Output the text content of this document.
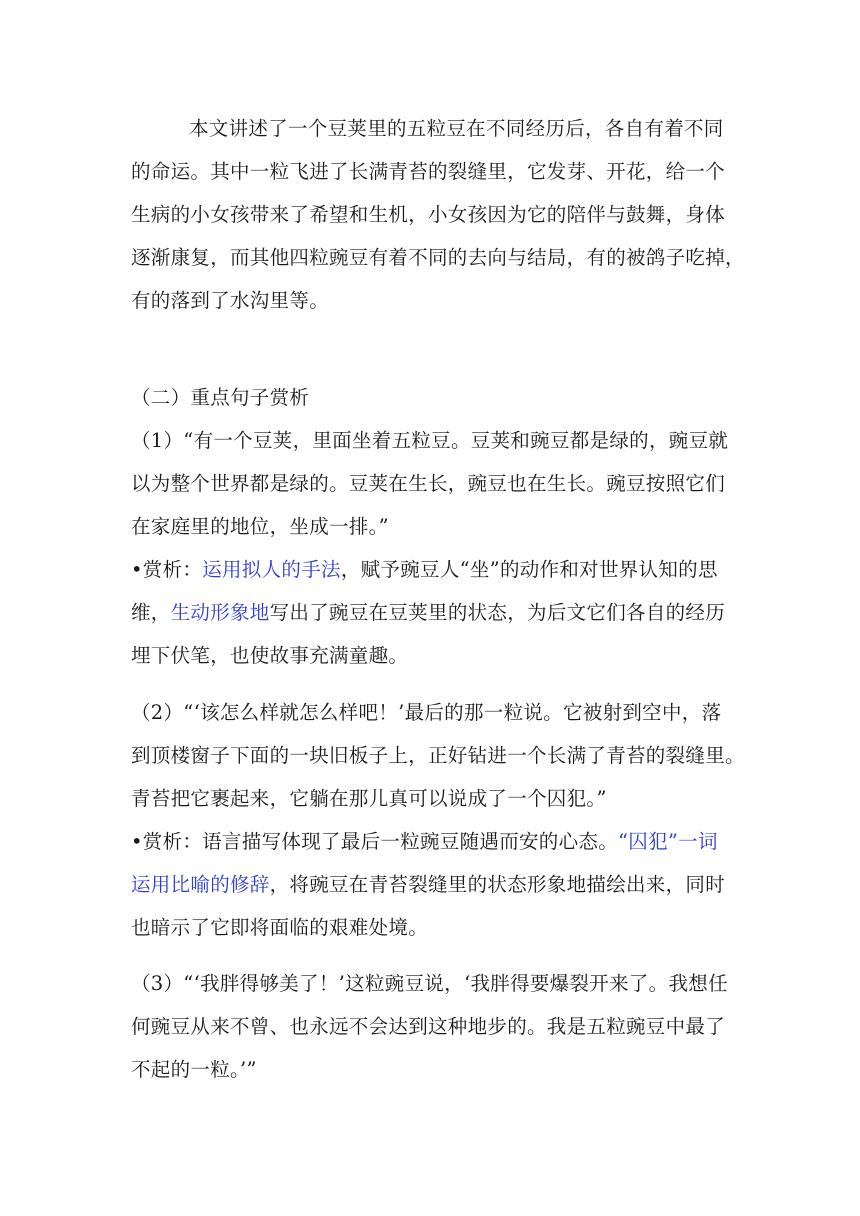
本文讲述了一个豆荚里的五粒豆在不同经历后，各自有着不同
的命运。其中一粒飞进了长满青苔的裂缝里，它发芽、开花，给一个
生病的小女孩带来了希望和生机，小女孩因为它的陪伴与鼓舞，身体
逐渐康复，而其他四粒豌豆有着不同的去向与结局，有的被鸽子吃掉，
有的落到了水沟里等。
（二）重点句子赏析
（1）“有一个豆荚，里面坐着五粒豆。豆荚和豌豆都是绿的，豌豆就
以为整个世界都是绿的。豆荚在生长，豌豆也在生长。豌豆按照它们
在家庭里的地位，坐成一排。”
•赏析：运用拟人的手法，赋予豌豆人“坐”的动作和对世界认知的思
维，生动形象地写出了豌豆在豆荚里的状态，为后文它们各自的经历
埋下伏笔，也使故事充满童趣。
（2）“‘该怎么样就怎么样吧！’最后的那一粒说。它被射到空中，落
到顶楼窗子下面的一块旧板子上，正好钻进一个长满了青苔的裂缝里。
青苔把它裹起来，它躺在那儿真可以说成了一个囚犯。”
•赏析：语言描写体现了最后一粒豌豆随遇而安的心态。“囚犯”一词
运用比喻的修辞，将豌豆在青苔裂缝里的状态形象地描绘出来，同时
也暗示了它即将面临的艰难处境。
（3）“‘我胖得够美了！’这粒豌豆说，‘我胖得要爆裂开来了。我想任
何豌豆从来不曾、也永远不会达到这种地步的。我是五粒豌豆中最了
不起的一粒。’”
